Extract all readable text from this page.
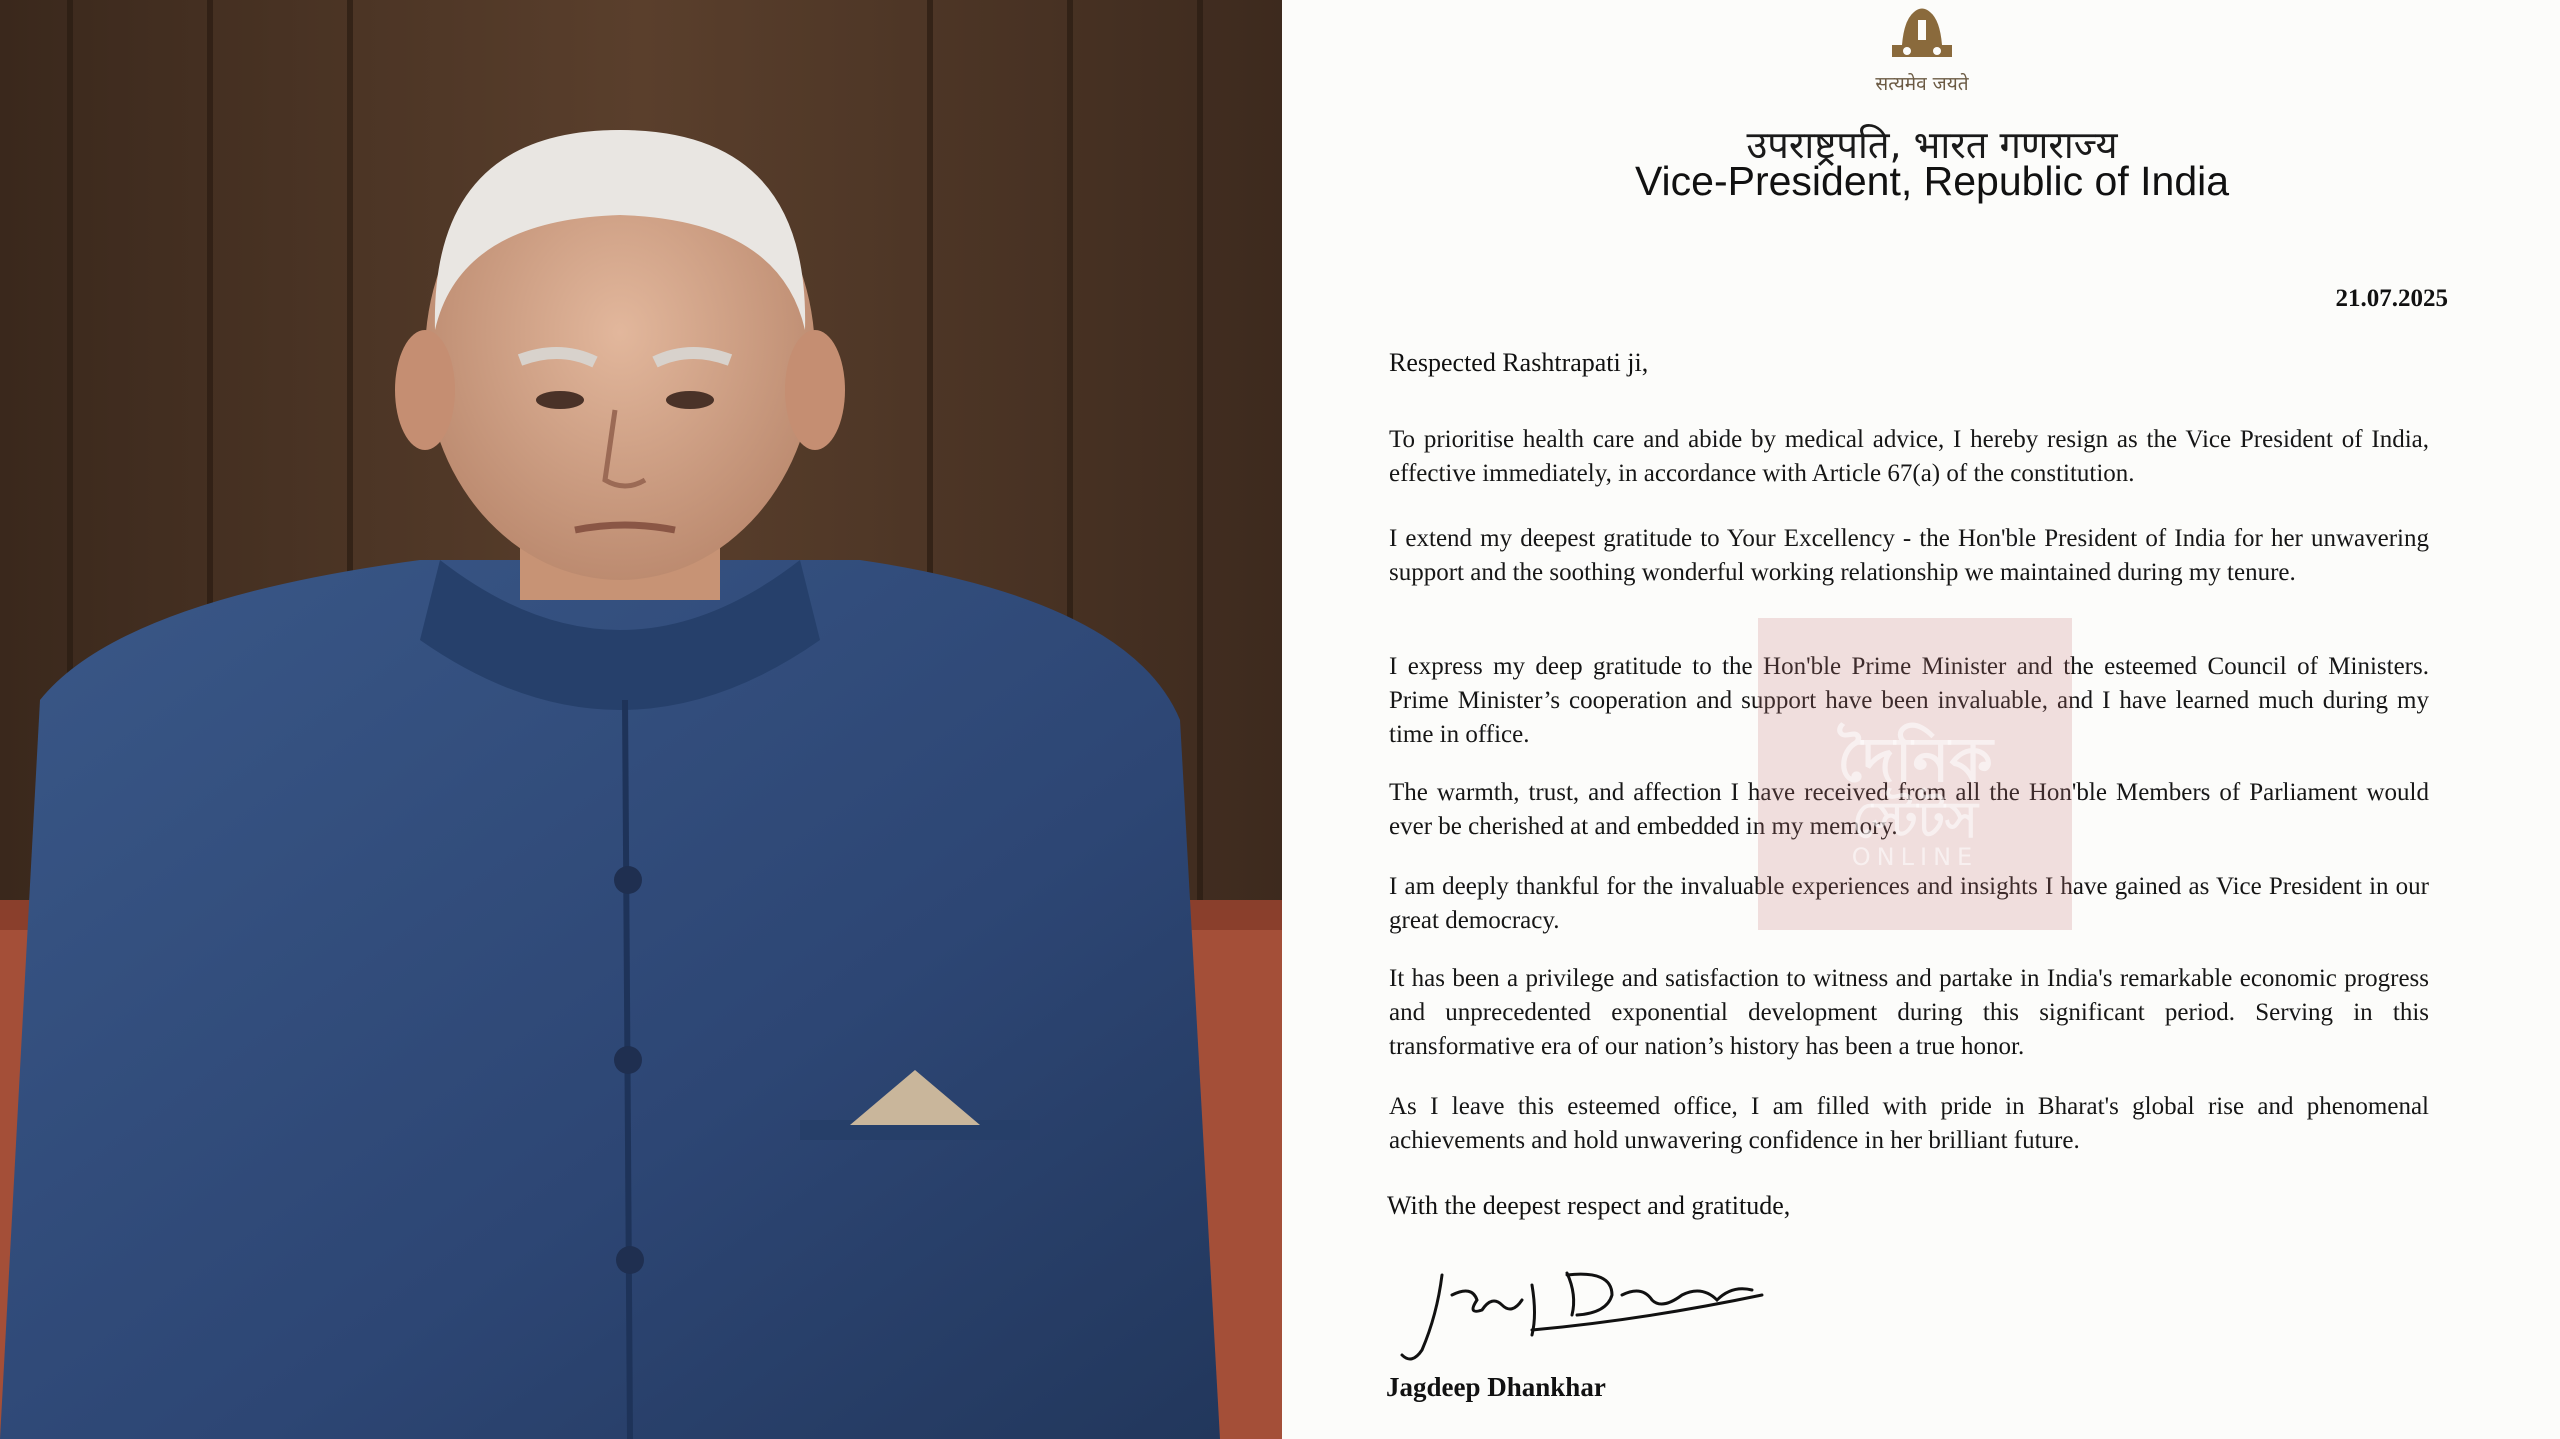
सत्यमेव जयते
उपराष्ट्रपति, भारत गणराज्य
Vice-President, Republic of India
21.07.2025
Respected Rashtrapati ji,
To prioritise health care and abide by medical advice, I hereby resign as the Vice President of India, effective immediately, in accordance with Article 67(a) of the constitution.
I extend my deepest gratitude to Your Excellency - the Hon'ble President of India for her unwavering support and the soothing wonderful working relationship we maintained during my tenure.
I express my deep gratitude to the Hon'ble Prime Minister and the esteemed Council of Ministers. Prime Minister’s cooperation and support have been invaluable, and I have learned much during my time in office.
The warmth, trust, and affection I have received from all the Hon'ble Members of Parliament would ever be cherished at and embedded in my memory.
I am deeply thankful for the invaluable experiences and insights I have gained as Vice President in our great democracy.
It has been a privilege and satisfaction to witness and partake in India's remarkable economic progress and unprecedented exponential development during this significant period. Serving in this transformative era of our nation’s history has been a true honor.
As I leave this esteemed office, I am filled with pride in Bharat's global rise and phenomenal achievements and hold unwavering confidence in her brilliant future.
With the deepest respect and gratitude,
Jagdeep Dhankhar
দৈনিক
স্টেটস
ONLINE
